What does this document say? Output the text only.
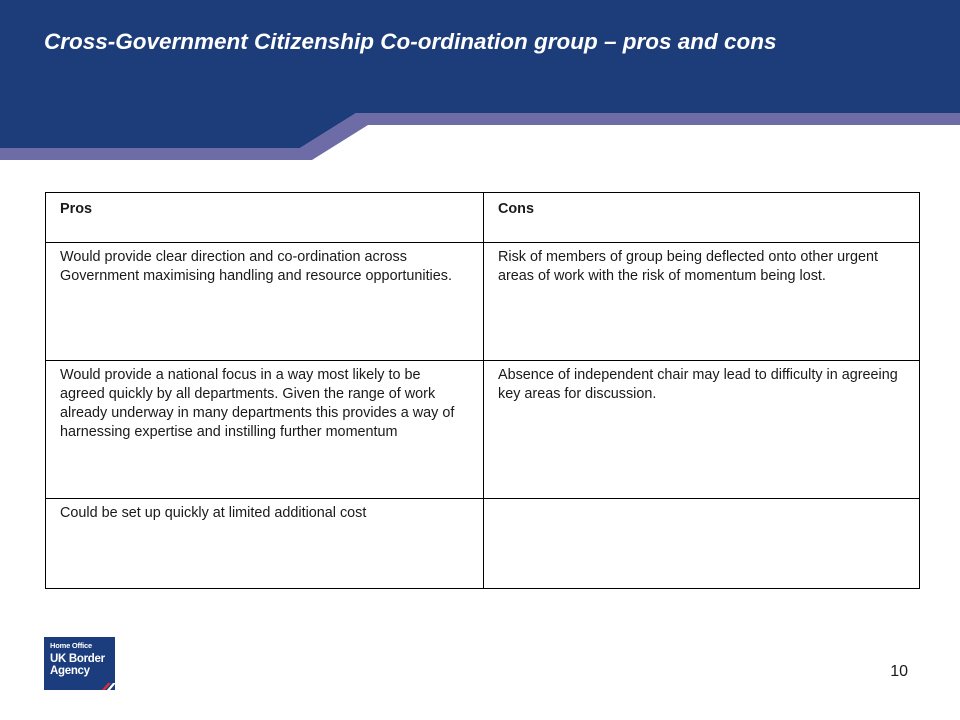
Cross-Government Citizenship Co-ordination group – pros and cons
Pros	Cons
Would provide clear direction and co-ordination across Government maximising handling and resource opportunities.	Risk of members of group being deflected onto other urgent areas of work with the risk of momentum being lost.
Would provide a national focus in a way most likely to be agreed quickly by all departments. Given the range of work already underway in many departments this provides a way of harnessing expertise and instilling further momentum	Absence of independent chair may lead to difficulty in agreeing key areas for discussion.
Could be set up quickly at limited additional cost	
Home Office
UK Border
Agency	10
